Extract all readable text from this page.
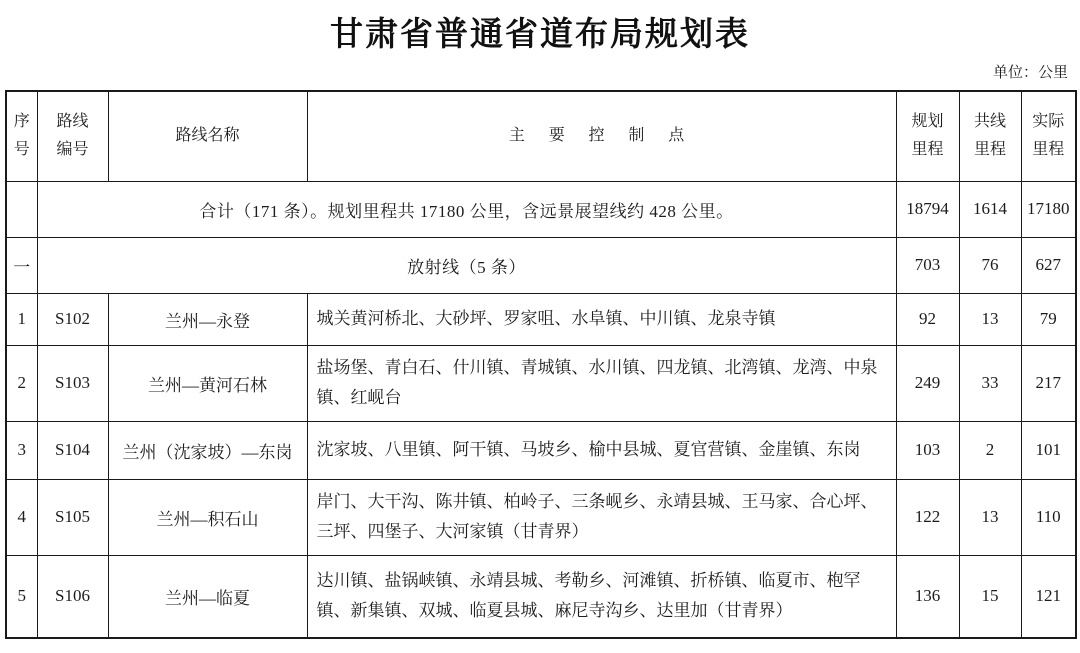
甘肃省普通省道布局规划表
单位：公里
序号	路线编号	路线名称	主 要 控 制 点	规划里程	共线里程	实际里程
	合计（171 条）。规划里程共 17180 公里，含远景展望线约 428 公里。			18794	1614	17180
一	放射线（5 条）			703	76	627
1	S102	兰州—永登	城关黄河桥北、大砂坪、罗家咀、水阜镇、中川镇、龙泉寺镇	92	13	79
2	S103	兰州—黄河石林	盐场堡、青白石、什川镇、青城镇、水川镇、四龙镇、北湾镇、龙湾、中泉镇、红岘台	249	33	217
3	S104	兰州（沈家坡）—东岗	沈家坡、八里镇、阿干镇、马坡乡、榆中县城、夏官营镇、金崖镇、东岗	103	2	101
4	S105	兰州—积石山	岸门、大干沟、陈井镇、柏岭子、三条岘乡、永靖县城、王马家、合心坪、三坪、四堡子、大河家镇（甘青界）	122	13	110
5	S106	兰州—临夏	达川镇、盐锅峡镇、永靖县城、考勒乡、河滩镇、折桥镇、临夏市、枹罕镇、新集镇、双城、临夏县城、麻尼寺沟乡、达里加（甘青界）	136	15	121
